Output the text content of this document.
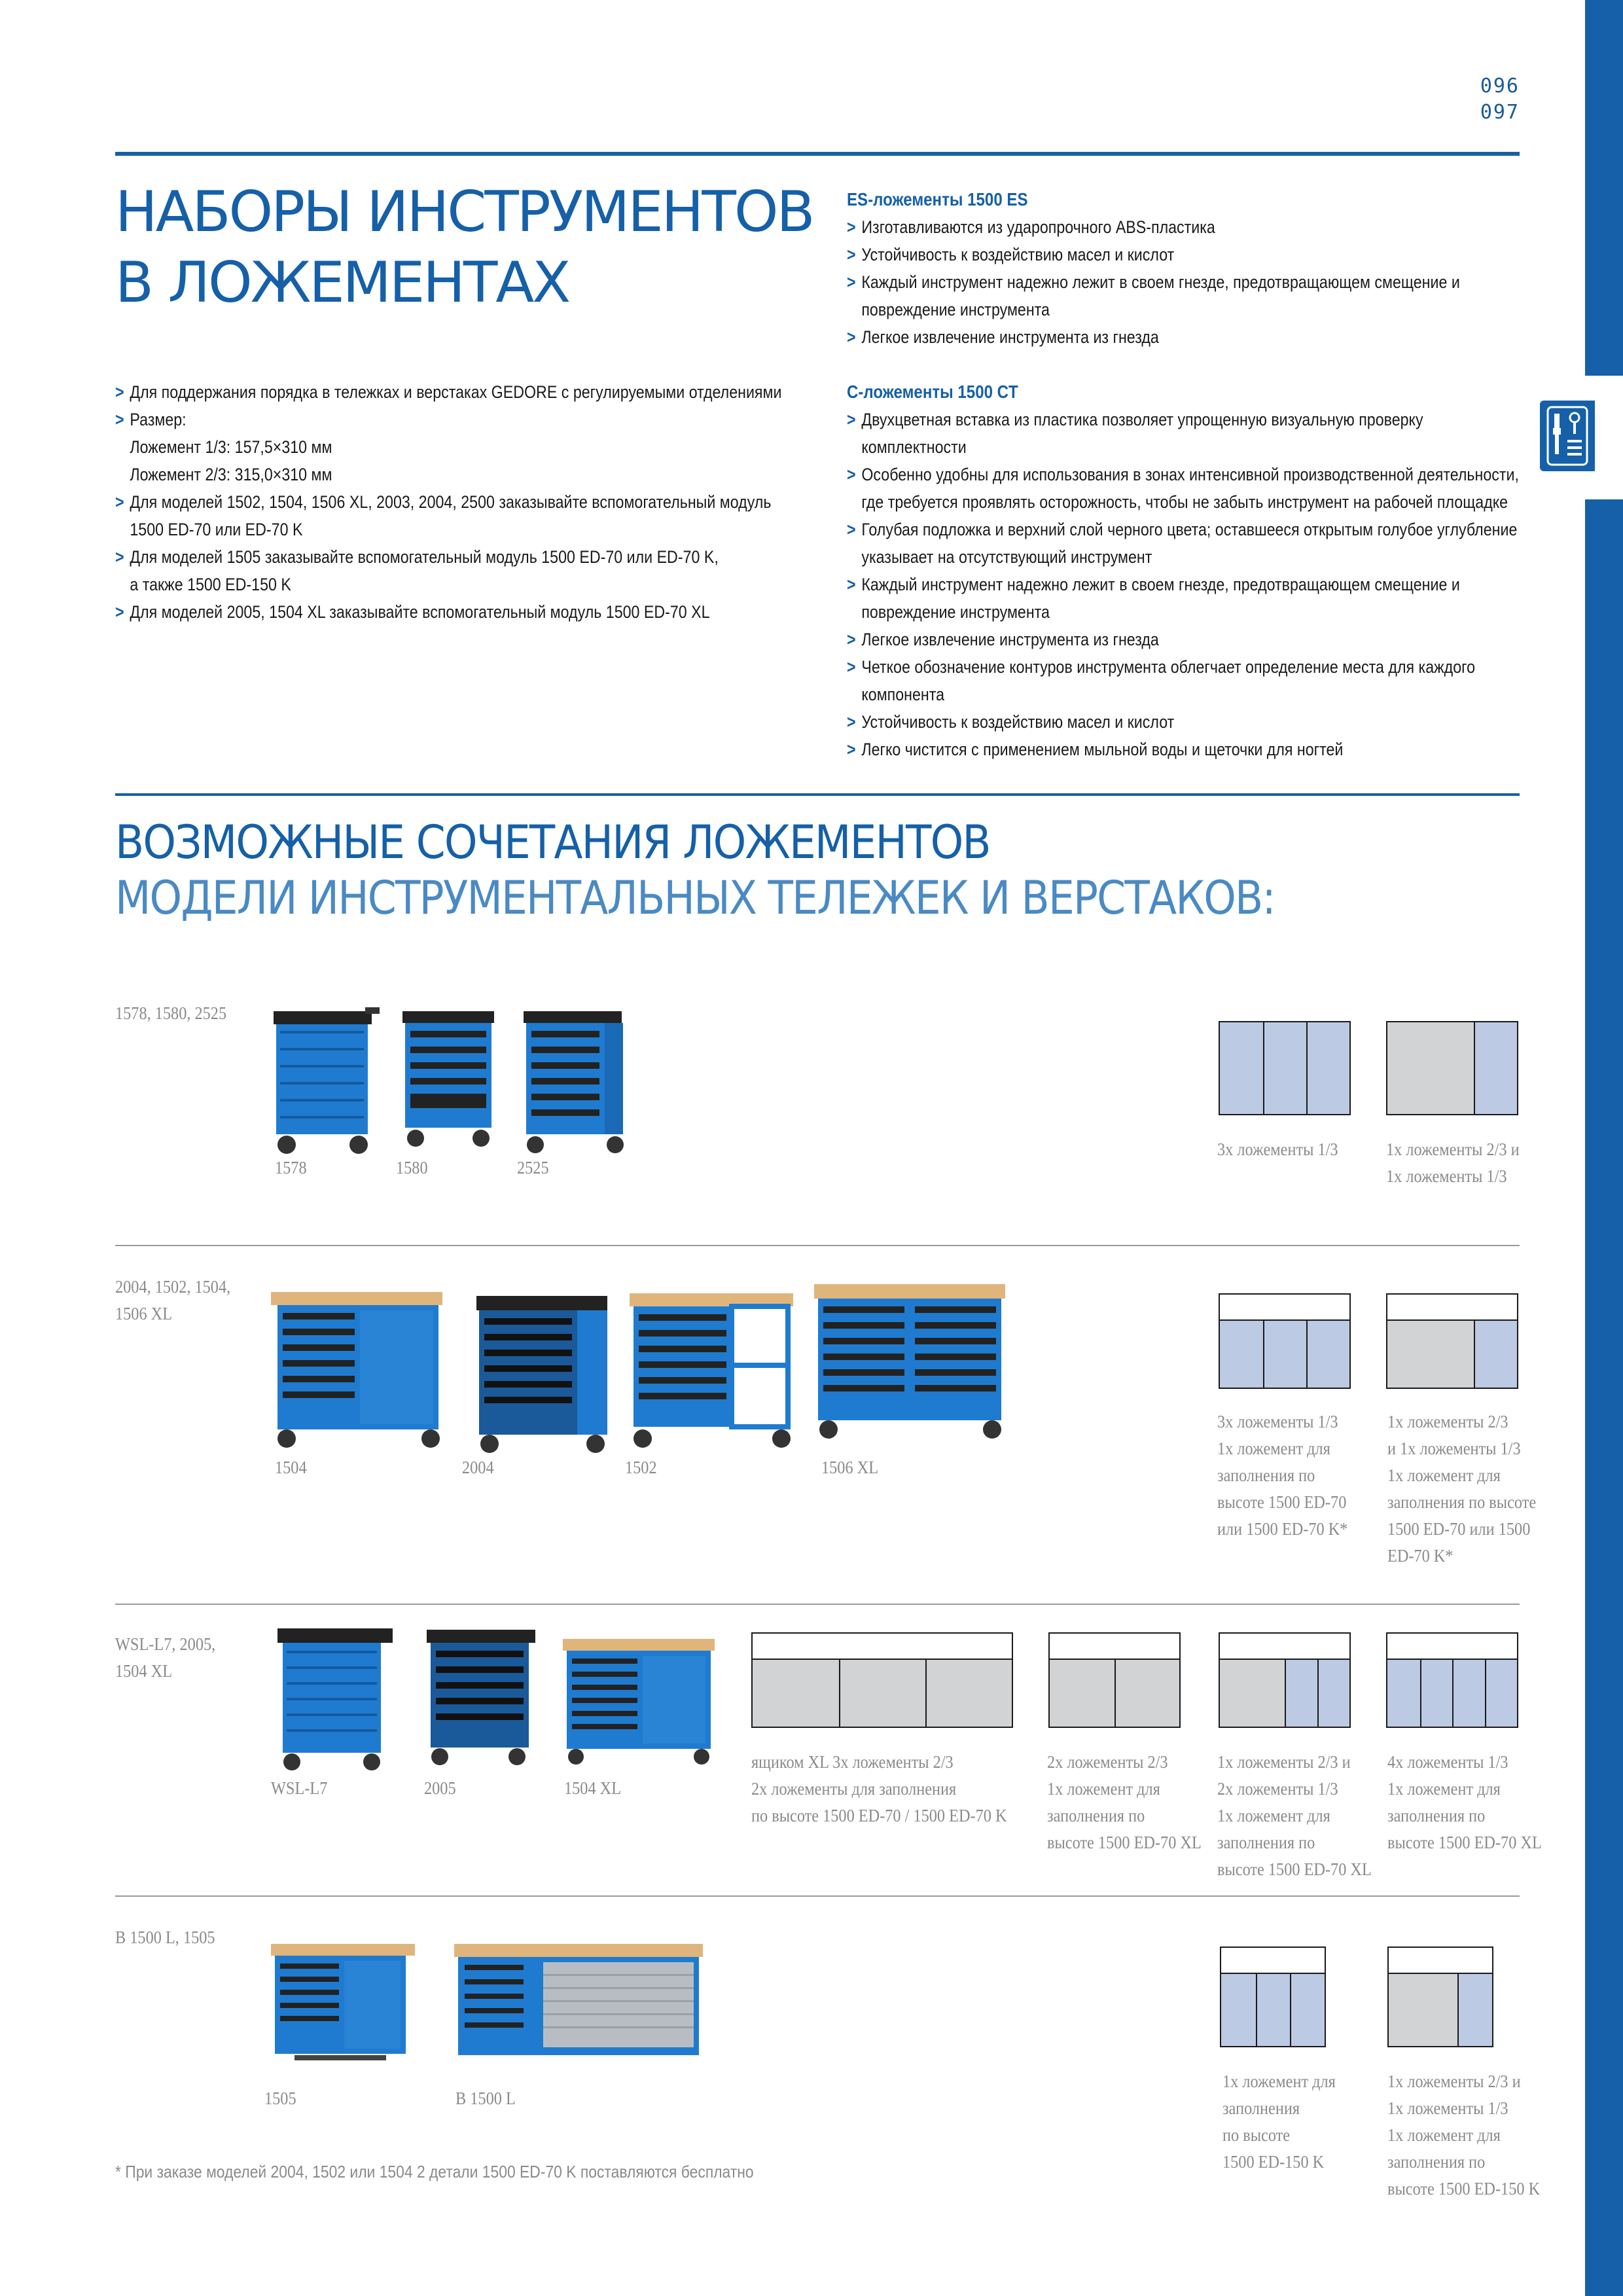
096
097
НАБОРЫ ИНСТРУМЕНТОВ
В ЛОЖЕМЕНТАХ
> Для поддержания порядка в тележках и верстаках GEDORE с регулируемыми отделениями
> Размер:
Ложемент 1/3: 157,5×310 мм
Ложемент 2/3: 315,0×310 мм
> Для моделей 1502, 1504, 1506 XL, 2003, 2004, 2500 заказывайте вспомогательный модуль
1500 ED-70 или ED-70 K
> Для моделей 1505 заказывайте вспомогательный модуль 1500 ED-70 или ED-70 K,
а также 1500 ED-150 K
> Для моделей 2005, 1504 XL заказывайте вспомогательный модуль 1500 ED-70 XL
ES-ложементы 1500 ES
> Изготавливаются из ударопрочного ABS-пластика
> Устойчивость к воздействию масел и кислот
> Каждый инструмент надежно лежит в своем гнезде, предотвращающем смещение и
повреждение инструмента
> Легкое извлечение инструмента из гнезда
C-ложементы 1500 CT
> Двухцветная вставка из пластика позволяет упрощенную визуальную проверку
комплектности
> Особенно удобны для использования в зонах интенсивной производственной деятельности,
где требуется проявлять осторожность, чтобы не забыть инструмент на рабочей площадке
> Голубая подложка и верхний слой черного цвета; оставшееся открытым голубое углубление
указывает на отсутствующий инструмент
> Каждый инструмент надежно лежит в своем гнезде, предотвращающем смещение и
повреждение инструмента
> Легкое извлечение инструмента из гнезда
> Четкое обозначение контуров инструмента облегчает определение места для каждого
компонента
> Устойчивость к воздействию масел и кислот
> Легко чистится с применением мыльной воды и щеточки для ногтей
ВОЗМОЖНЫЕ СОЧЕТАНИЯ ЛОЖЕМЕНТОВ
МОДЕЛИ ИНСТРУМЕНТАЛЬНЫХ ТЕЛЕЖЕК И ВЕРСТАКОВ:
1578, 1580, 2525
1578	1580	2525
3x ложементы 1/3	1x ложементы 2/3 и
1x ложементы 1/3
2004, 1502, 1504,
1506 XL
1504	2004	1502	1506 XL
3x ложементы 1/3
1x ложемент для
заполнения по
высоте 1500 ED-70
или 1500 ED-70 K*
1x ложементы 2/3
и 1x ложементы 1/3
1x ложемент для
заполнения по высоте
1500 ED-70 или 1500
ED-70 K*
WSL-L7, 2005,
1504 XL
WSL-L7	2005	1504 XL
ящиком XL 3x ложементы 2/3
2x ложементы для заполнения
по высоте 1500 ED-70 / 1500 ED-70 K
2x ложементы 2/3
1x ложемент для
заполнения по
высоте 1500 ED-70 XL
1x ложементы 2/3 и
2x ложементы 1/3
1x ложемент для
заполнения по
высоте 1500 ED-70 XL
4x ложементы 1/3
1x ложемент для
заполнения по
высоте 1500 ED-70 XL
B 1500 L, 1505
1505	B 1500 L
1x ложемент для
заполнения
по высоте
1500 ED-150 K
1x ложементы 2/3 и
1x ложементы 1/3
1x ложемент для
заполнения по
высоте 1500 ED-150 K
* При заказе моделей 2004, 1502 или 1504 2 детали 1500 ED-70 K поставляются бесплатно
